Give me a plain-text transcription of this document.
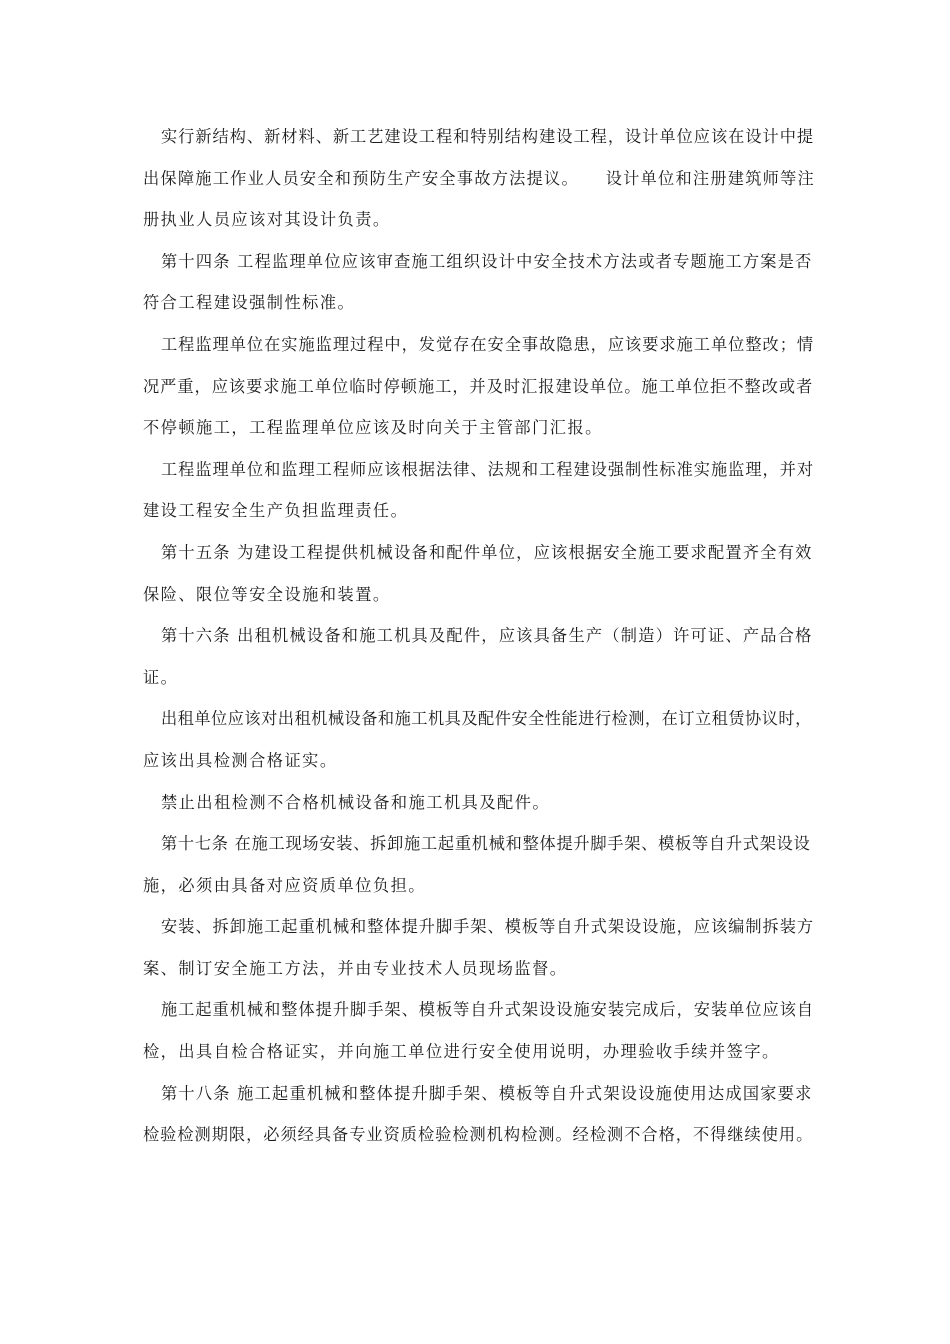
实行新结构、新材料、新工艺建设工程和特别结构建设工程，设计单位应该在设计中提
出保障施工作业人员安全和预防生产安全事故方法提议。　　设计单位和注册建筑师等注
册执业人员应该对其设计负责。
第十四条 工程监理单位应该审查施工组织设计中安全技术方法或者专题施工方案是否
符合工程建设强制性标准。
工程监理单位在实施监理过程中，发觉存在安全事故隐患，应该要求施工单位整改；情
况严重，应该要求施工单位临时停顿施工，并及时汇报建设单位。施工单位拒不整改或者
不停顿施工，工程监理单位应该及时向关于主管部门汇报。
工程监理单位和监理工程师应该根据法律、法规和工程建设强制性标准实施监理，并对
建设工程安全生产负担监理责任。
第十五条 为建设工程提供机械设备和配件单位，应该根据安全施工要求配置齐全有效
保险、限位等安全设施和装置。
第十六条 出租机械设备和施工机具及配件，应该具备生产（制造）许可证、产品合格
证。
出租单位应该对出租机械设备和施工机具及配件安全性能进行检测，在订立租赁协议时，
应该出具检测合格证实。
禁止出租检测不合格机械设备和施工机具及配件。
第十七条 在施工现场安装、拆卸施工起重机械和整体提升脚手架、模板等自升式架设设
施，必须由具备对应资质单位负担。
安装、拆卸施工起重机械和整体提升脚手架、模板等自升式架设设施，应该编制拆装方
案、制订安全施工方法，并由专业技术人员现场监督。
施工起重机械和整体提升脚手架、模板等自升式架设设施安装完成后，安装单位应该自
检，出具自检合格证实，并向施工单位进行安全使用说明，办理验收手续并签字。
第十八条 施工起重机械和整体提升脚手架、模板等自升式架设设施使用达成国家要求
检验检测期限，必须经具备专业资质检验检测机构检测。经检测不合格，不得继续使用。
